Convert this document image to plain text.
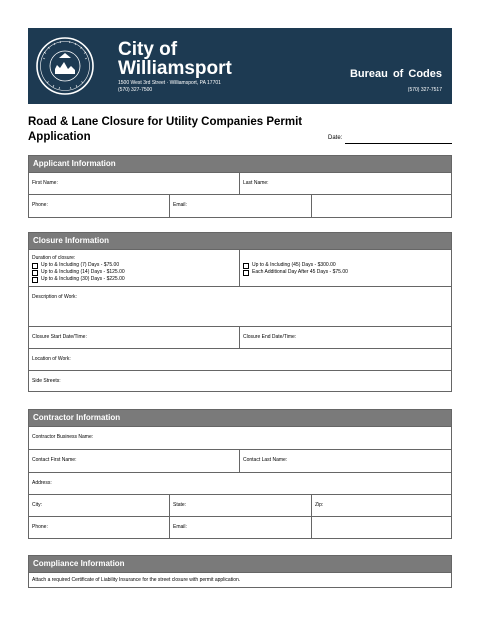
City of
Williamsport
1500 West 3rd Street · Williamsport, PA 17701
(570) 327-7500
Bureau of Codes
(570) 327-7517
Road & Lane Closure for Utility Companies Permit Application	Date:
Applicant Information
First Name:	Last Name:
Phone:	Email:
Closure Information
Duration of closure:
Up to & Including (7) Days - $75.00
Up to & Including (14) Days - $125.00
Up to & Including (30) Days - $225.00
Up to & Including (45) Days - $300.00
Each Additional Day After 45 Days - $75.00
Description of Work:
Closure Start Date/Time:	Closure End Date/Time:
Location of Work:
Side Streets:
Contractor Information
Contractor Business Name:
Contact First Name:	Contact Last Name:
Address:
City:	State:	Zip:
Phone:	Email:
Compliance Information
Attach a required Certificate of Liability Insurance for the street closure with permit application.
